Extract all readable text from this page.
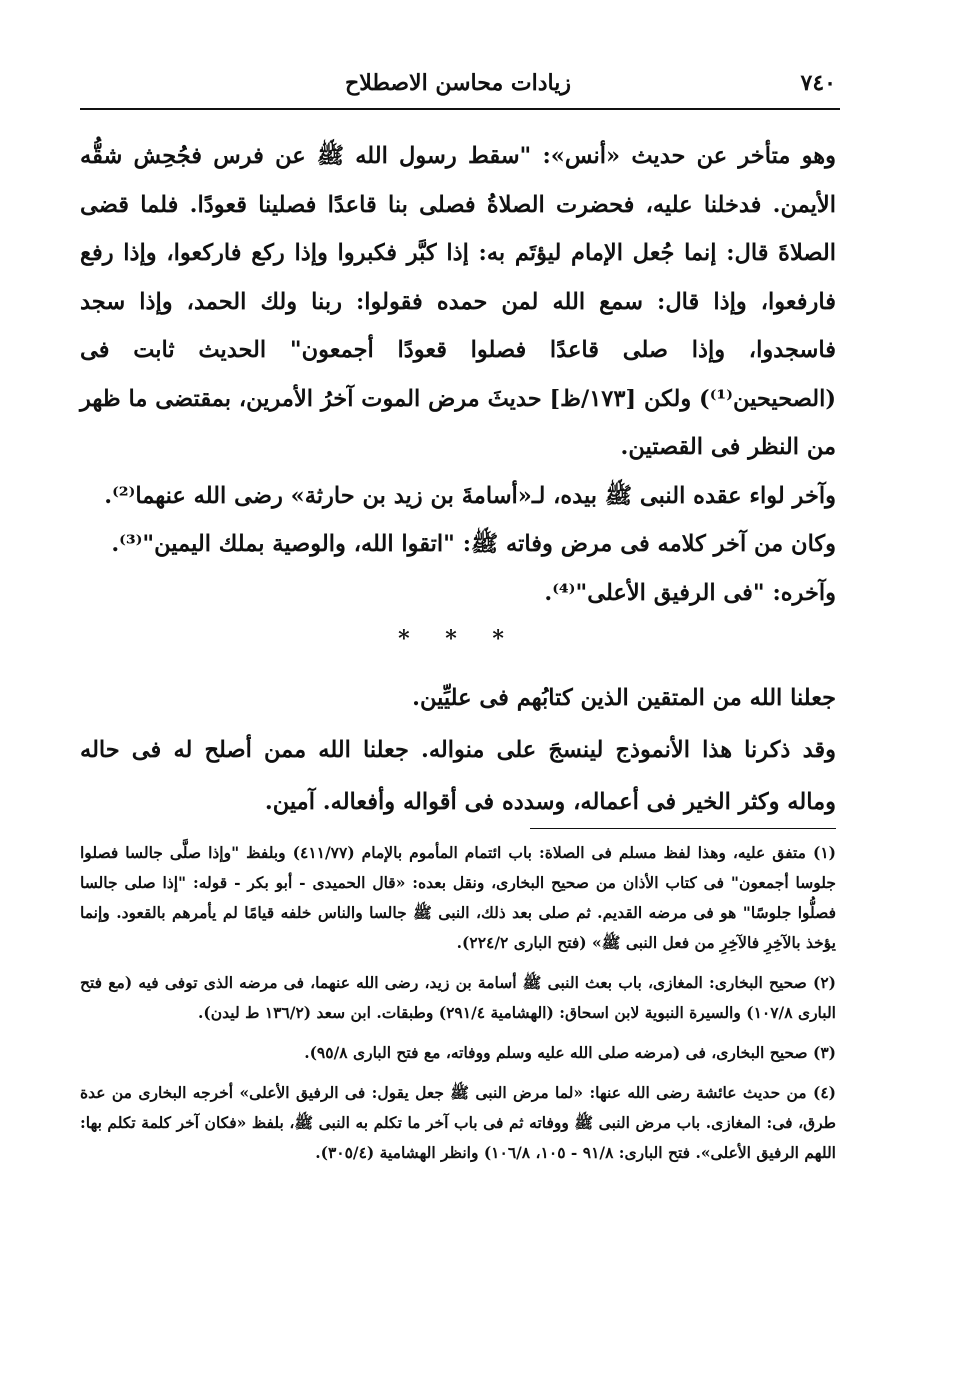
٧٤٠
زيادات محاسن الاصطلاح

وهو متأخر عن حديث «أنس»: "سقط رسول الله ﷺ عن فرس فجُحِش شقُّه الأيمن. فدخلنا عليه، فحضرت الصلاةُ فصلى بنا قاعدًا فصلينا قعودًا. فلما قضى الصلاةَ قال: إنما جُعل الإمام ليؤتَم به: إذا كبَّر فكبروا وإذا ركع فاركعوا، وإذا رفع فارفعوا، وإذا قال: سمع الله لمن حمده فقولوا: ربنا ولك الحمد، وإذا سجد فاسجدوا، وإذا صلى قاعدًا فصلوا قعودًا أجمعون" الحديث ثابت فى (الصحيحين⁽¹⁾) ولكن [١٧٣/ظ] حديثَ مرض الموت آخرُ الأمرين، بمقتضى ما ظهر من النظر فى القصتين.

وآخر لواء عقده النبى ﷺ بيده، لـ«أسامةَ بن زيد بن حارثة» رضى الله عنهما⁽²⁾.

وكان من آخر كلامه فى مرض وفاته ﷺ: "اتقوا الله، والوصية بملك اليمين"⁽³⁾.

وآخره: "فى الرفيق الأعلى"⁽⁴⁾.

* * *

جعلنا الله من المتقين الذين كتابُهم فى عليِّين.

وقد ذكرنا هذا الأنموذج لينسجَ على منواله. جعلنا الله ممن أصلح له فى حاله وماله وكثر الخير فى أعماله، وسدده فى أقواله وأفعاله. آمين.

(١) متفق عليه، وهذا لفظ مسلم فى الصلاة: باب ائتمام المأموم بالإمام (٤١١/٧٧) وبلفظ "وإذا صلَّى جالسا فصلوا جلوسا أجمعون" فى كتاب الأذان من صحيح البخارى، ونقل بعده: «قال الحميدى - أبو بكر - قوله: "إذا صلى جالسا فصلُّوا جلوسًا" هو فى مرضه القديم. ثم صلى بعد ذلك، النبى ﷺ جالسا والناس خلفه قيامًا لم يأمرهم بالقعود. وإنما يؤخذ بالآخِرِ فالآخِرِ من فعل النبى ﷺ» (فتح البارى ٢٢٤/٢).

(٢) صحيح البخارى: المغازى، باب بعث النبى ﷺ أسامة بن زيد، رضى الله عنهما، فى مرضه الذى توفى فيه (مع فتح البارى ١٠٧/٨) والسيرة النبوية لابن اسحاق: (الهشامية ٢٩١/٤) وطبقات. ابن سعد (١٣٦/٢ ط ليدن).

(٣) صحيح البخارى، فى (مرضه صلى الله عليه وسلم ووفاته، مع فتح البارى ٩٥/٨).

(٤) من حديث عائشة رضى الله عنها: «لما مرض النبى ﷺ جعل يقول: فى الرفيق الأعلى» أخرجه البخارى من عدة طرق، فى: المغازى. باب مرض النبى ﷺ ووفاته ثم فى باب آخر ما تكلم به النبى ﷺ، بلفظ «فكان آخر كلمة تكلم بها: اللهم الرفيق الأعلى». فتح البارى: ٩١/٨ - ١٠٥، ١٠٦/٨) وانظر الهشامية (٣٠٥/٤).
